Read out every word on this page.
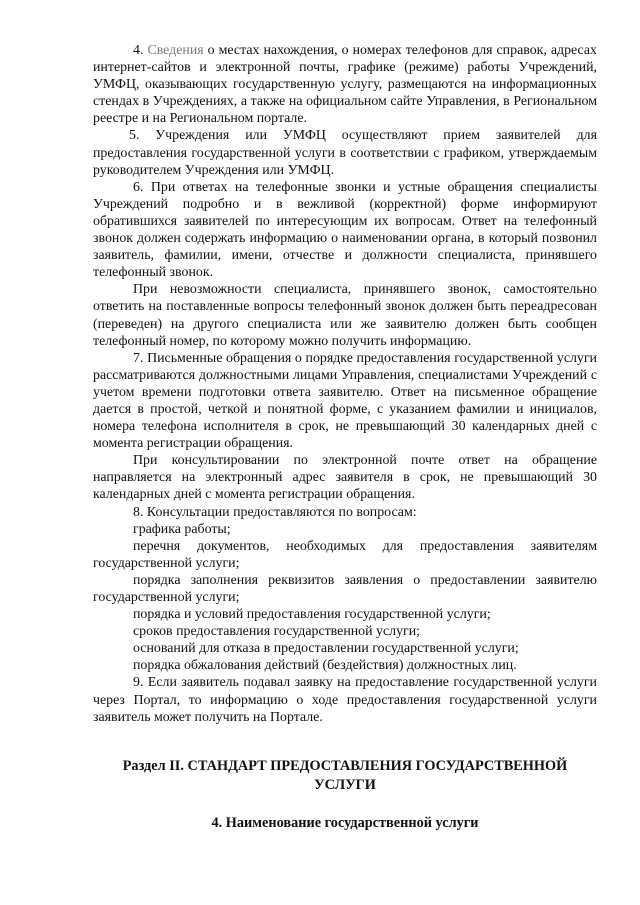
4. Сведения о местах нахождения, о номерах телефонов для справок, адресах интернет-сайтов и электронной почты, графике (режиме) работы Учреждений, УМФЦ, оказывающих государственную услугу, размещаются на информационных стендах в Учреждениях, а также на официальном сайте Управления, в Региональном реестре и на Региональном портале.

5. Учреждения или УМФЦ осуществляют прием заявителей для предоставления государственной услуги в соответствии с графиком, утверждаемым руководителем Учреждения или УМФЦ.

6. При ответах на телефонные звонки и устные обращения специалисты Учреждений подробно и в вежливой (корректной) форме информируют обратившихся заявителей по интересующим их вопросам. Ответ на телефонный звонок должен содержать информацию о наименовании органа, в который позвонил заявитель, фамилии, имени, отчестве и должности специалиста, принявшего телефонный звонок.

При невозможности специалиста, принявшего звонок, самостоятельно ответить на поставленные вопросы телефонный звонок должен быть переадресован (переведен) на другого специалиста или же заявителю должен быть сообщен телефонный номер, по которому можно получить информацию.

7. Письменные обращения о порядке предоставления государственной услуги рассматриваются должностными лицами Управления, специалистами Учреждений с учетом времени подготовки ответа заявителю. Ответ на письменное обращение дается в простой, четкой и понятной форме, с указанием фамилии и инициалов, номера телефона исполнителя в срок, не превышающий 30 календарных дней с момента регистрации обращения.

При консультировании по электронной почте ответ на обращение направляется на электронный адрес заявителя в срок, не превышающий 30 календарных дней с момента регистрации обращения.

8. Консультации предоставляются по вопросам:

графика работы;

перечня документов, необходимых для предоставления заявителям государственной услуги;

порядка заполнения реквизитов заявления о предоставлении заявителю государственной услуги;

порядка и условий предоставления государственной услуги;

сроков предоставления государственной услуги;

оснований для отказа в предоставлении государственной услуги;

порядка обжалования действий (бездействия) должностных лиц.

9. Если заявитель подавал заявку на предоставление государственной услуги через Портал, то информацию о ходе предоставления государственной услуги заявитель может получить на Портале.

Раздел II. СТАНДАРТ ПРЕДОСТАВЛЕНИЯ ГОСУДАРСТВЕННОЙ УСЛУГИ
4. Наименование государственной услуги
